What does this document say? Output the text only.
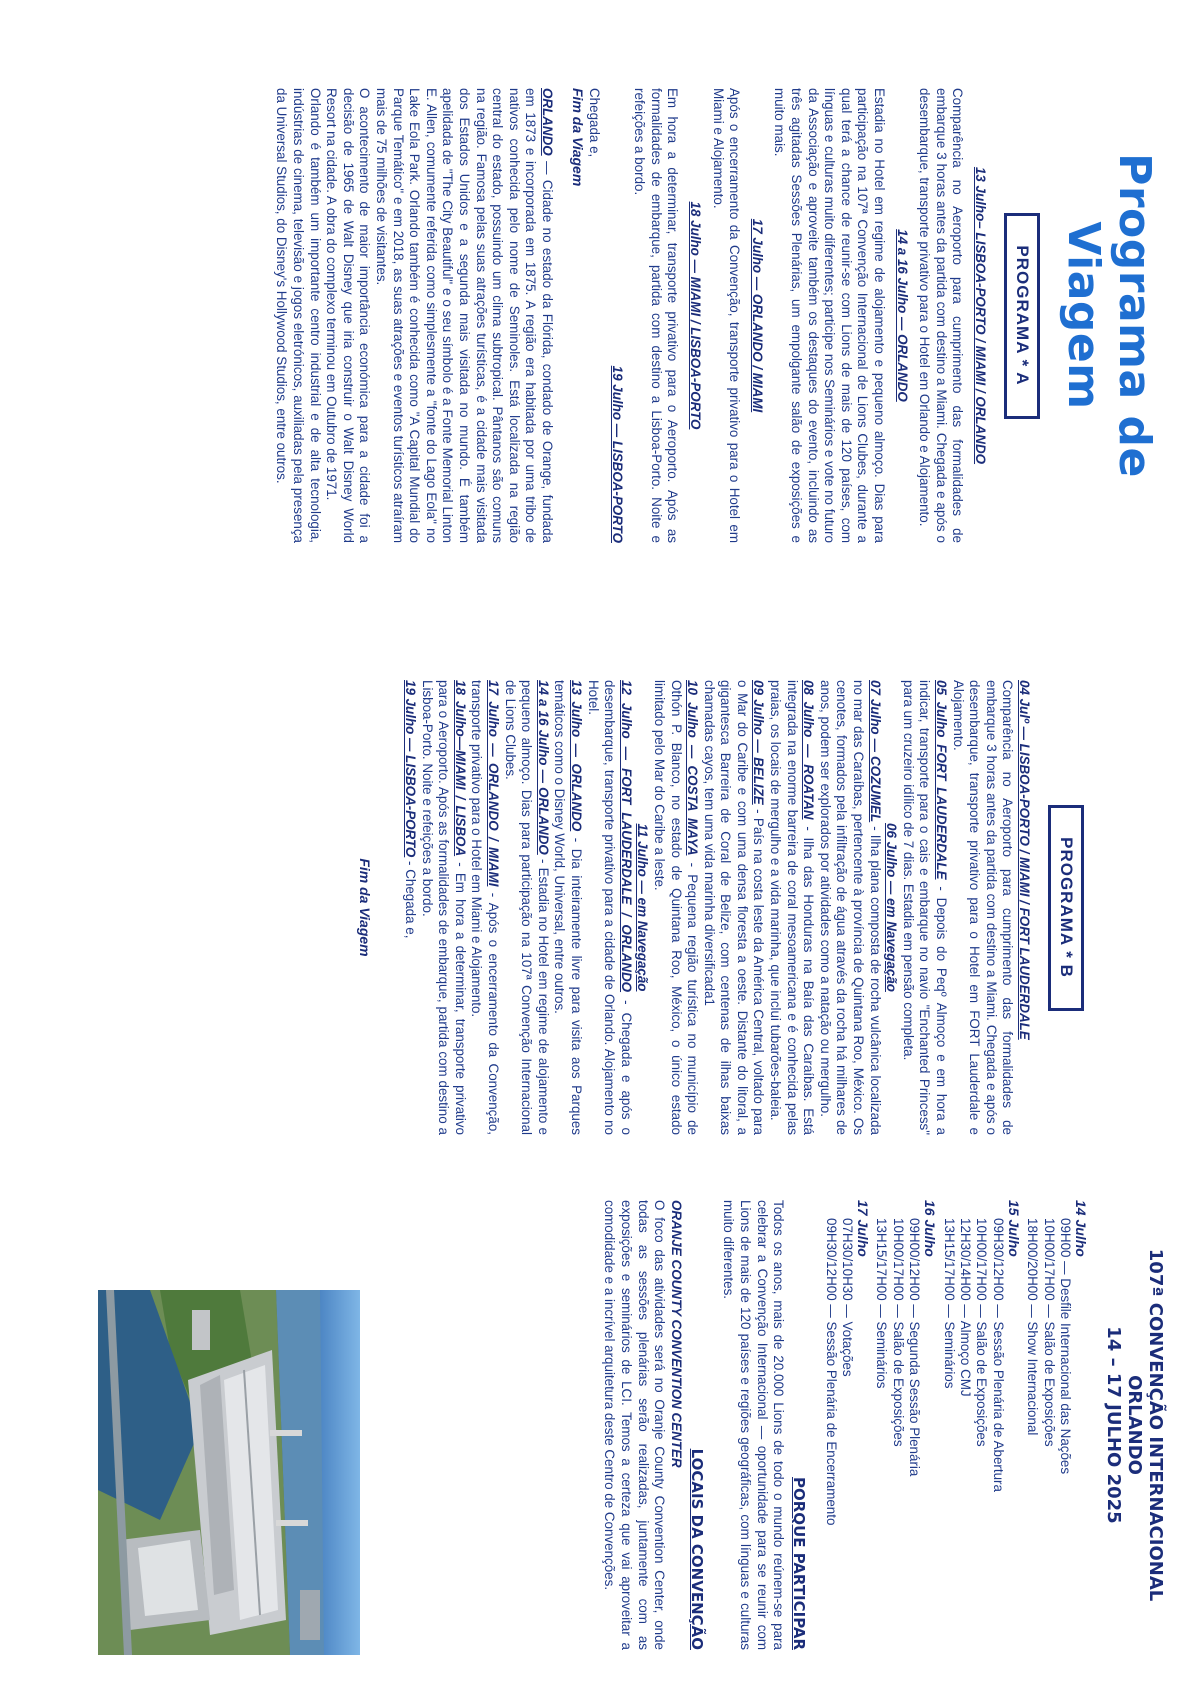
Programa de Viagem
PROGRAMA * A

13 Julho– LISBOA-PORTO / MIAMI / ORLANDO

Comparência no Aeroporto para cumprimento das formalidades de embarque 3 horas antes da partida com destino a Miami. Chegada e após o desembarque, transporte privativo para o Hotel em Orlando e Alojamento.

14 a 16 Julho — ORLANDO

Estadia no Hotel em regime de alojamento e pequeno almoço. Dias para participação na 107ª Convenção Internacional de Lions Clubes, durante a qual terá a chance de reunir-se com Lions de mais de 120 países, com línguas e culturas muito diferentes; participe nos Seminários e vote no futuro da Associação e aproveite também os destaques do evento, incluindo as três agitadas Sessões Plenárias, um empolgante salão de exposições e muito mais.

17 Julho — ORLANDO / MIAMI

Após o encerramento da Convenção, transporte privativo para o Hotel em Miami e Alojamento.

18 Julho — MIAMI / LISBOA-PORTO

Em hora a determinar, transporte privativo para o Aeroporto. Após as formalidades de embarque, partida com destino a Lisboa-Porto. Noite e refeições a bordo.

19 Julho — LISBOA-PORTO

Chegada e,

Fim da Viagem

ORLANDO — Cidade no estado da Flórida, condado de Orange, fundada em 1873 e incorporada em 1875. A região era habitada por uma tribo de nativos conhecida pelo nome de Seminoles. Está localizada na região central do estado, possuindo um clima subtropical. Pântanos são comuns na região. Famosa pelas suas atrações turísticas, é a cidade mais visitada dos Estados Unidos e a segunda mais visitada no mundo. É também apelidada de "The City Beautiful" e o seu símbolo é a Fonte Memorial Linton E. Allen, comumente referida como simplesmente a "fonte do Lago Eola" no Lake Eola Park. Orlando também é conhecida como "A Capital Mundial do Parque Temático" e em 2018, as suas atrações e eventos turísticos atraíram mais de 75 milhões de visitantes.

O acontecimento de maior importância económica para a cidade foi a decisão de 1965 de Walt Disney que iria construir o Walt Disney World Resort na cidade. A obra do complexo terminou em Outubro de 1971.

Orlando é também um importante centro industrial e de alta tecnologia, indústrias de cinema, televisão e jogos eletrónicos, auxiliadas pela presença da Universal Studios, do Disney's Hollywood Studios, entre outros.

PROGRAMA * B

04 Julº — LISBOA-PORTO / MIAMI / FORT LAUDERDALE

Comparência no Aeroporto para cumprimento das formalidades de embarque 3 horas antes da partida com destino a Miami. Chegada e após o desembarque, transporte privativo para o Hotel em FORT Lauderdale e Alojamento.

05 Julho FORT LAUDERDALE - Depois do Peqº Almoço e em hora a indicar, transporte para o cais e embarque no navio "Enchanted Princess" para um cruzeiro idílico de 7 dias. Estadia em pensão completa.

06 Julho — em Navegação

07 Julho — COZUMEL - Ilha plana composta de rocha vulcânica localizada no mar das Caraíbas, pertencente à província de Quintana Roo, México. Os cenotes, formados pela infiltração de água através da rocha há milhares de anos, podem ser explorados por atividades como a natação ou mergulho.

08 Julho — ROATAN - Ilha das Honduras na Baía das Caraíbas. Está integrada na enorme barreira de coral mesoamericana e é conhecida pelas praias, os locais de mergulho e a vida marinha, que inclui tubarões-baleia.

09 Julho — BELIZE - País na costa leste da América Central, voltado para o Mar do Caribe e com uma densa floresta a oeste. Distante do litoral, a gigantesca Barreira de Coral de Belize, com centenas de ilhas baixas chamadas cayos, tem uma vida marinha diversificada1

10 Julho — COSTA MAYA - Pequena região turística no município de Othón P. Blanco, no estado de Quintana Roo, México, o único estado limitado pelo Mar do Caribe a leste.

11 Julho — em Navegação

12 Julho — FORT LAUDERDALE / ORLANDO - Chegada e após o desembarque, transporte privativo para a cidade de Orlando. Alojamento no Hotel.

13 Julho — ORLANDO - Dia inteiramente livre para visita aos Parques temáticos como o Disney World, Universal, entre outros.

14 a 16 Julho — ORLANDO - Estadia no Hotel em regime de alojamento e pequeno almoço. Dias para participação na 107ª Convenção Internacional de Lions Clubes.

17 Julho — ORLANDO / MIAMI - Após o encerramento da Convenção, transporte privativo para o Hotel em Miami e Alojamento.

18 Julho—MIAMI / LISBOA - Em hora a determinar, transporte privativo para o Aeroporto. Após as formalidades de embarque, partida com destino a Lisboa-Porto. Noite e refeições a bordo.

19 Julho — LISBOA-PORTO - Chegada e,

Fim da Viagem

107ª CONVENÇÃO INTERNACIONAL
ORLANDO
14 – 17 JULHO 2025
14 Julho
09H00 — Desfile Internacional das Nações
10H00/17H00 — Salão de Exposições
18H00/20H00 — Show Internacional
15 Julho
09H30/12H00 — Sessão Plenária de Abertura
10H00/17H00 — Salão de Exposições
12H30/14H00 — Almoço CMJ
13H15/17H00 — Seminários
16 Julho
09H00/12H00 — Segunda Sessão Plenária
10H00/17H00 — Salão de Exposições
13H15/17H00 — Seminários
17 Julho
07H30/10H30 — Votações
09H30/12H00 — Sessão Plenária de Encerramento
PORQUE PARTICIPAR

Todos os anos, mais de 20.000 Lions de todo o mundo reúnem-se para celebrar a Convenção Internacional — oportunidade para se reunir com Lions de mais de 120 países e regiões geográficas, com línguas e culturas muito diferentes.

LOCAIS DA CONVENÇÃO

ORANJE COUNTY CONVENTION CENTER

O foco das atividades será no Oranje County Convention Center, onde todas as sessões plenárias serão realizadas, juntamente com as exposições e seminários de LCI. Temos a certeza que vai aproveitar a comodidade e a incrível arquitetura deste Centro de Convenções.
